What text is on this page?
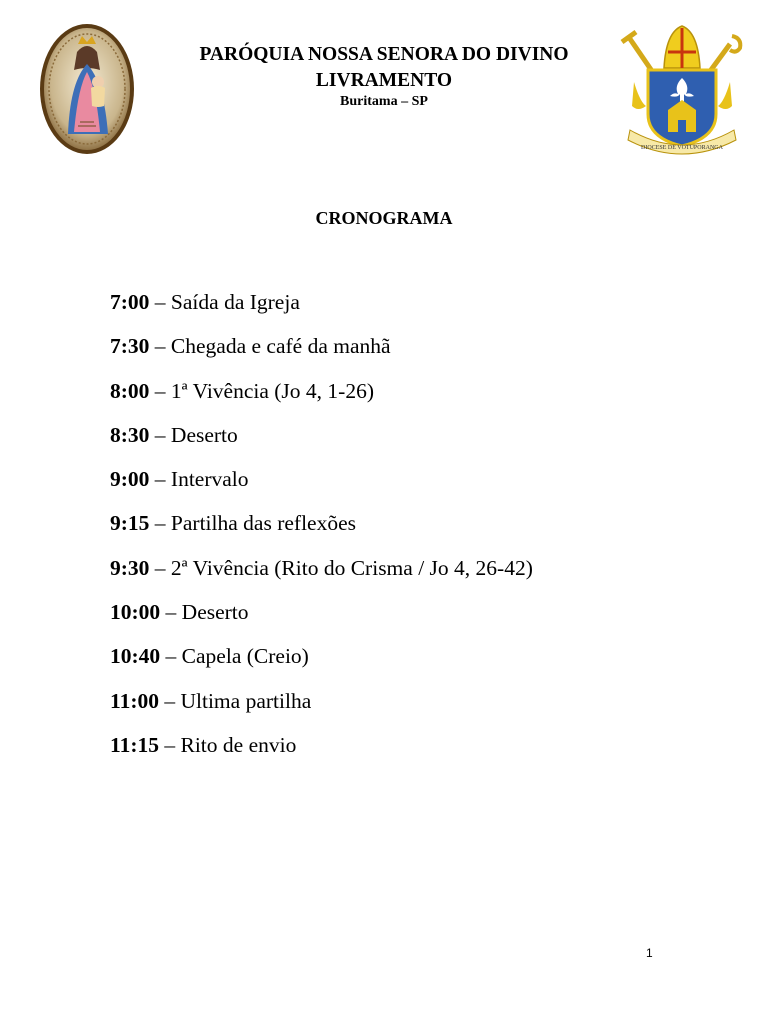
DIOCESE DE VOTUPORANGA

PARÓQUIA NOSSA SENORA DO DIVINO

LIVRAMENTO

Buritama – SP

CRONOGRAMA

7:00 – Saída da Igreja
7:30 – Chegada e café da manhã
8:00 – 1ª Vivência (Jo 4, 1-26)
8:30 – Deserto
9:00 – Intervalo
9:15 – Partilha das reflexões
9:30 – 2ª Vivência (Rito do Crisma / Jo 4, 26-42)
10:00 – Deserto
10:40 – Capela (Creio)
11:00 – Ultima partilha
11:15 – Rito de envio
1
